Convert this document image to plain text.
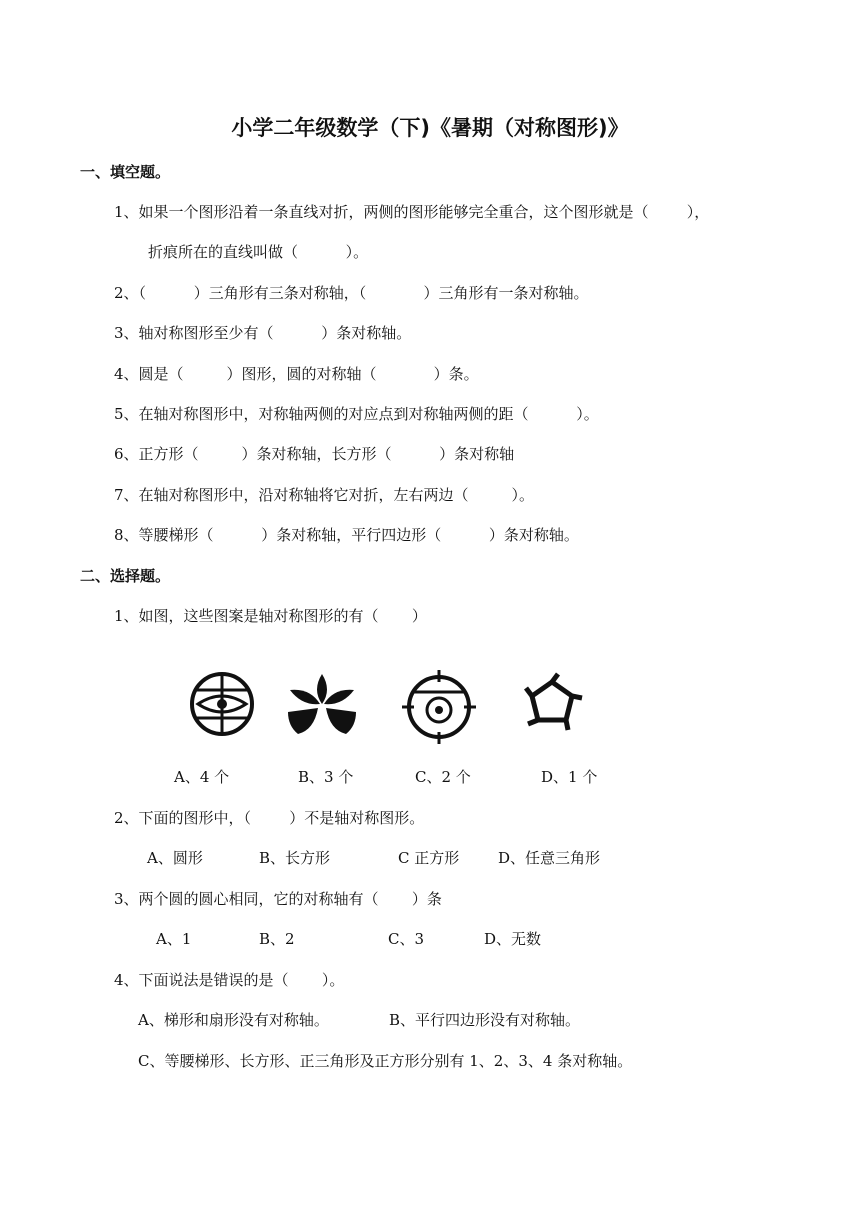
小学二年级数学（下)《暑期（对称图形)》
一、填空题。
1、如果一个图形沿着一条直线对折，两侧的图形能够完全重合，这个图形就是（        ），
折痕所在的直线叫做（          ）。
2、（          ）三角形有三条对称轴，（            ）三角形有一条对称轴。
3、轴对称图形至少有（          ）条对称轴。
4、圆是（         ）图形，圆的对称轴（            ）条。
5、在轴对称图形中，对称轴两侧的对应点到对称轴两侧的距（          ）。
6、正方形（         ）条对称轴，长方形（          ）条对称轴
7、在轴对称图形中，沿对称轴将它对折，左右两边（         ）。
8、等腰梯形（          ）条对称轴，平行四边形（          ）条对称轴。
二、选择题。
1、如图，这些图案是轴对称图形的有（       ）
A、4 个	B、3 个	C、2 个	D、1 个
2、下面的图形中，（        ）不是轴对称图形。
A、圆形	B、长方形	C 正方形	D、任意三角形
3、两个圆的圆心相同，它的对称轴有（       ）条
A、1	B、2	C、3	D、无数
4、下面说法是错误的是（       ）。
A、梯形和扇形没有对称轴。	B、平行四边形没有对称轴。
C、等腰梯形、长方形、正三角形及正方形分别有 1、2、3、4 条对称轴。
